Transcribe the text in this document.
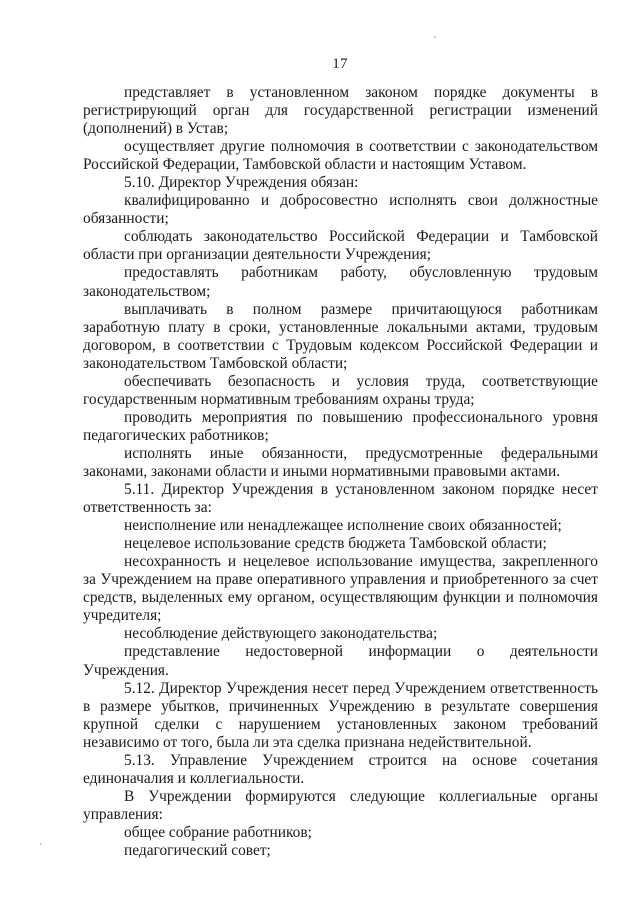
17

представляет в установленном законом порядке документы в регистрирующий орган для государственной регистрации изменений (дополнений) в Устав;

осуществляет другие полномочия в соответствии с законодательством Российской Федерации, Тамбовской области и настоящим Уставом.

5.10. Директор Учреждения обязан:

квалифицированно и добросовестно исполнять свои должностные обязанности;

соблюдать законодательство Российской Федерации и Тамбовской области при организации деятельности Учреждения;

предоставлять работникам работу, обусловленную трудовым законодательством;

выплачивать в полном размере причитающуюся работникам заработную плату в сроки, установленные локальными актами, трудовым договором, в соответствии с Трудовым кодексом Российской Федерации и законодательством Тамбовской области;

обеспечивать безопасность и условия труда, соответствующие государственным нормативным требованиям охраны труда;

проводить мероприятия по повышению профессионального уровня педагогических работников;

исполнять иные обязанности, предусмотренные федеральными законами, законами области и иными нормативными правовыми актами.

5.11. Директор Учреждения в установленном законом порядке несет ответственность за:

неисполнение или ненадлежащее исполнение своих обязанностей;

нецелевое использование средств бюджета Тамбовской области;

несохранность и нецелевое использование имущества, закрепленного за Учреждением на праве оперативного управления и приобретенного за счет средств, выделенных ему органом, осуществляющим функции и полномочия учредителя;

несоблюдение действующего законодательства;

представление недостоверной информации о деятельности Учреждения.

5.12. Директор Учреждения несет перед Учреждением ответственность в размере убытков, причиненных Учреждению в результате совершения крупной сделки с нарушением установленных законом требований независимо от того, была ли эта сделка признана недействительной.

5.13. Управление Учреждением строится на основе сочетания единоначалия и коллегиальности.

В Учреждении формируются следующие коллегиальные органы управления:

общее собрание работников;

педагогический совет;
